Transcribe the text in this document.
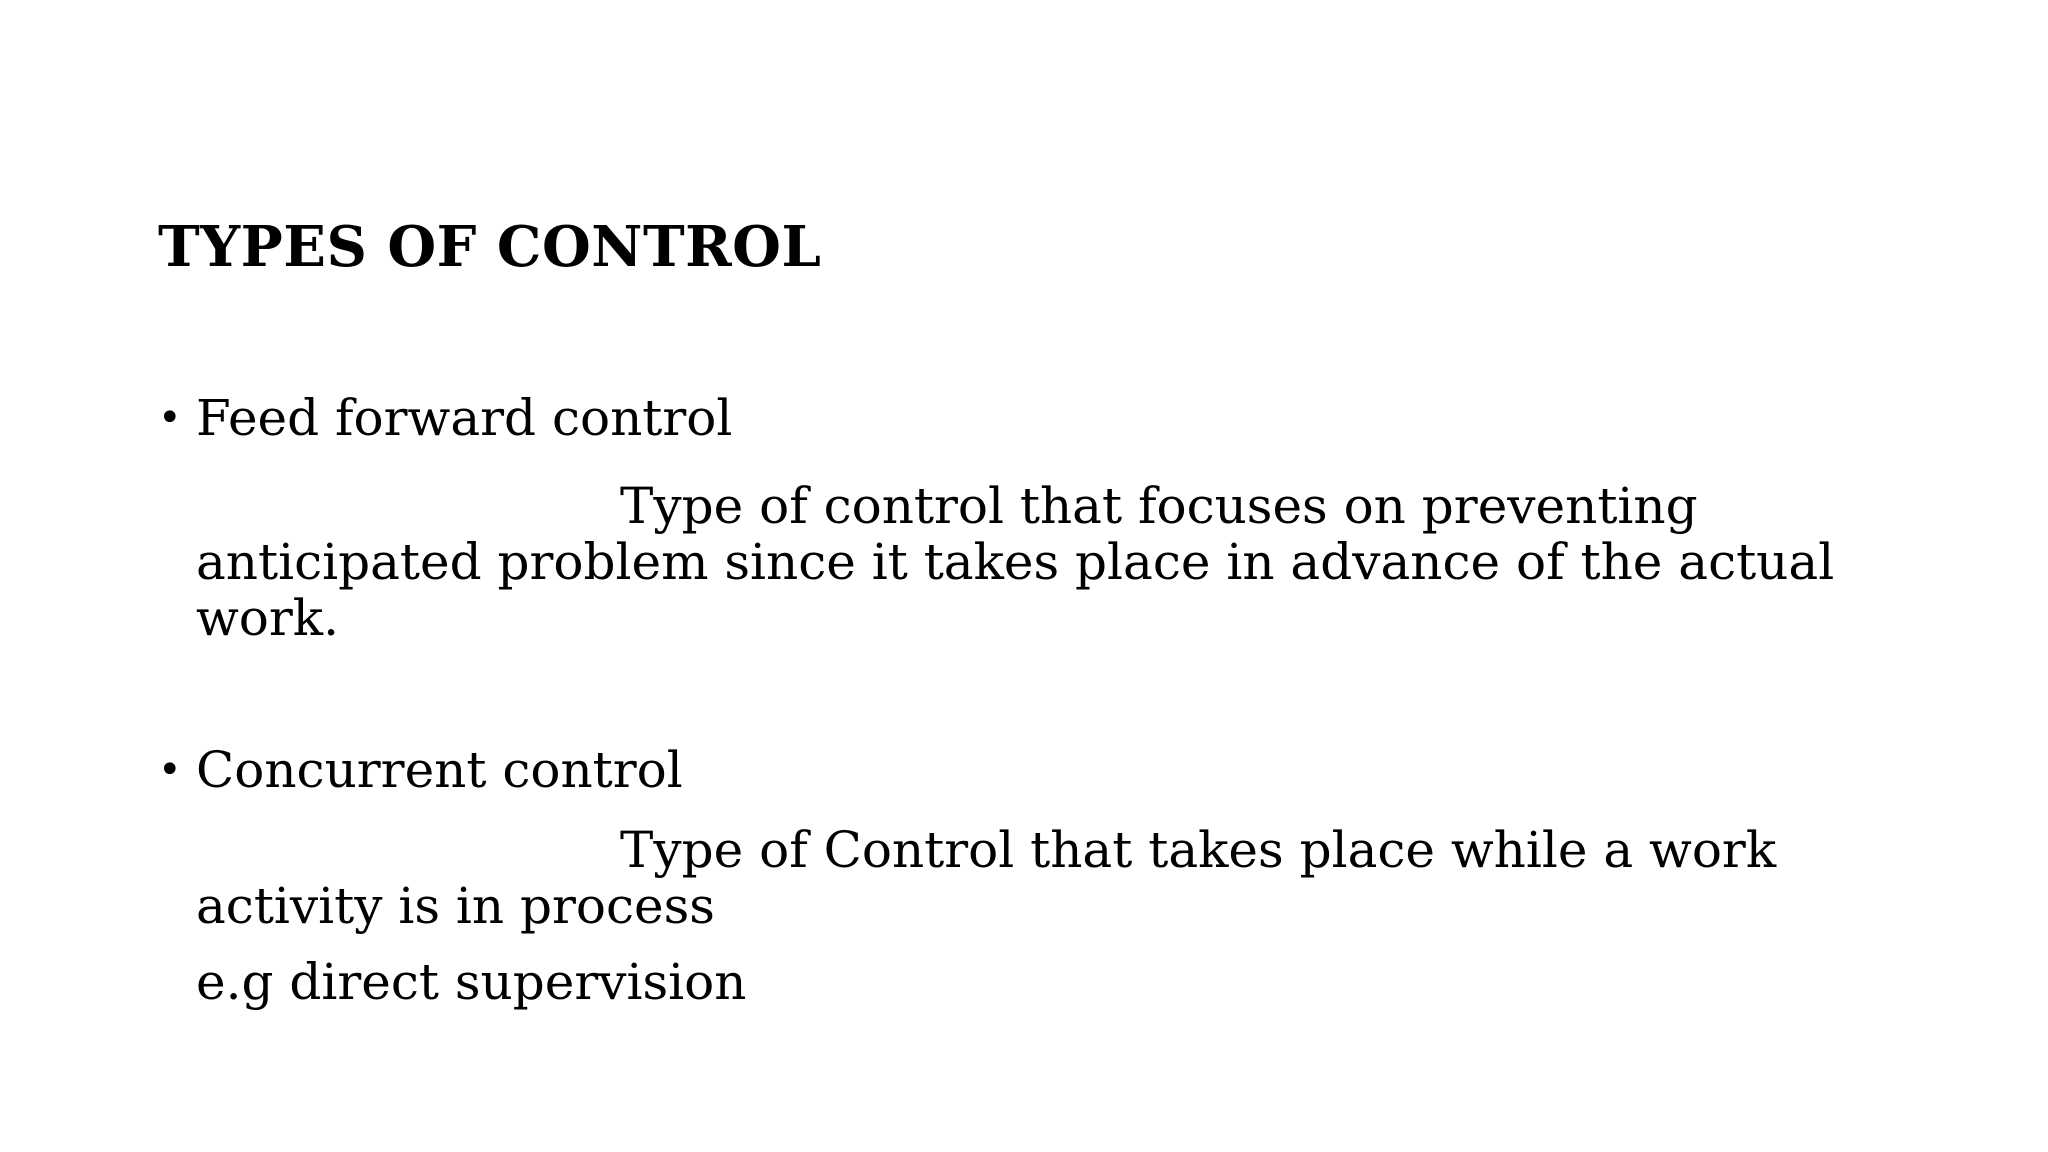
TYPES OF CONTROL
• Feed forward control
Type of control that focuses on preventing anticipated problem since it takes place in advance of the actual work.
• Concurrent control
Type of Control that takes place while a work activity is in process
e.g direct supervision
